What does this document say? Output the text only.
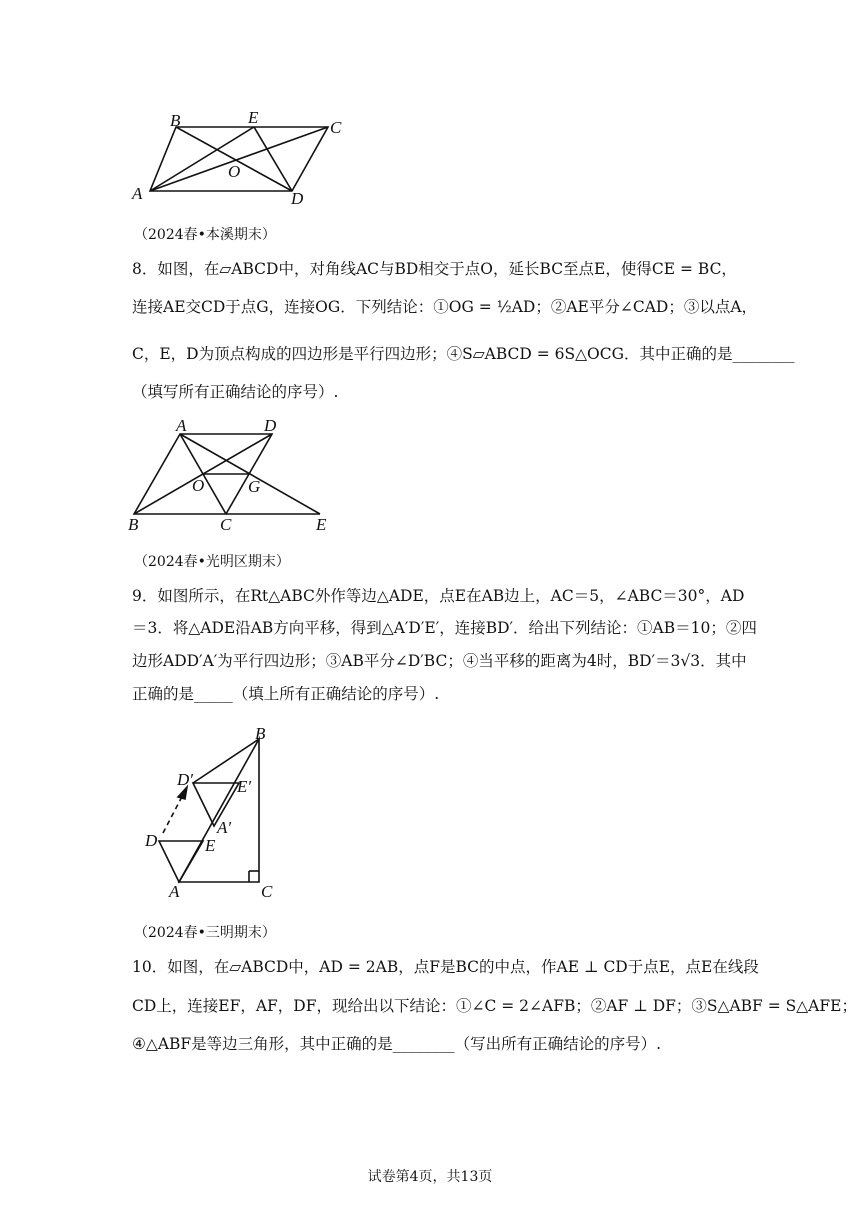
A
B	E
C
O
D
（2024春•本溪期末）
8．如图，在▱ABCD中，对角线AC与BD相交于点O，延长BC至点E，使得CE = BC，
连接AE交CD于点G，连接OG．下列结论：①OG = ½AD；②AE平分∠CAD；③以点A，
C，E，D为顶点构成的四边形是平行四边形；④S▱ABCD = 6S△OCG．其中正确的是________
（填写所有正确结论的序号）.
A	D
O	G
B	C	E
（2024春•光明区期末）
9．如图所示，在Rt△ABC外作等边△ADE，点E在AB边上，AC＝5，∠ABC＝30°，AD
＝3．将△ADE沿AB方向平移，得到△A′D′E′，连接BD′．给出下列结论：①AB＝10；②四
边形ADD′A′为平行四边形；③AB平分∠D′BC；④当平移的距离为4时，BD′＝3√3．其中
正确的是_____（填上所有正确结论的序号）.
B
D′	E′
A′
D	E
A	C
（2024春•三明期末）
10．如图，在▱ABCD中，AD = 2AB，点F是BC的中点，作AE ⊥ CD于点E，点E在线段
CD上，连接EF，AF，DF，现给出以下结论：①∠C = 2∠AFB；②AF ⊥ DF；③S△ABF = S△AFE；
④△ABF是等边三角形，其中正确的是________（写出所有正确结论的序号）.
试卷第4页，共13页
